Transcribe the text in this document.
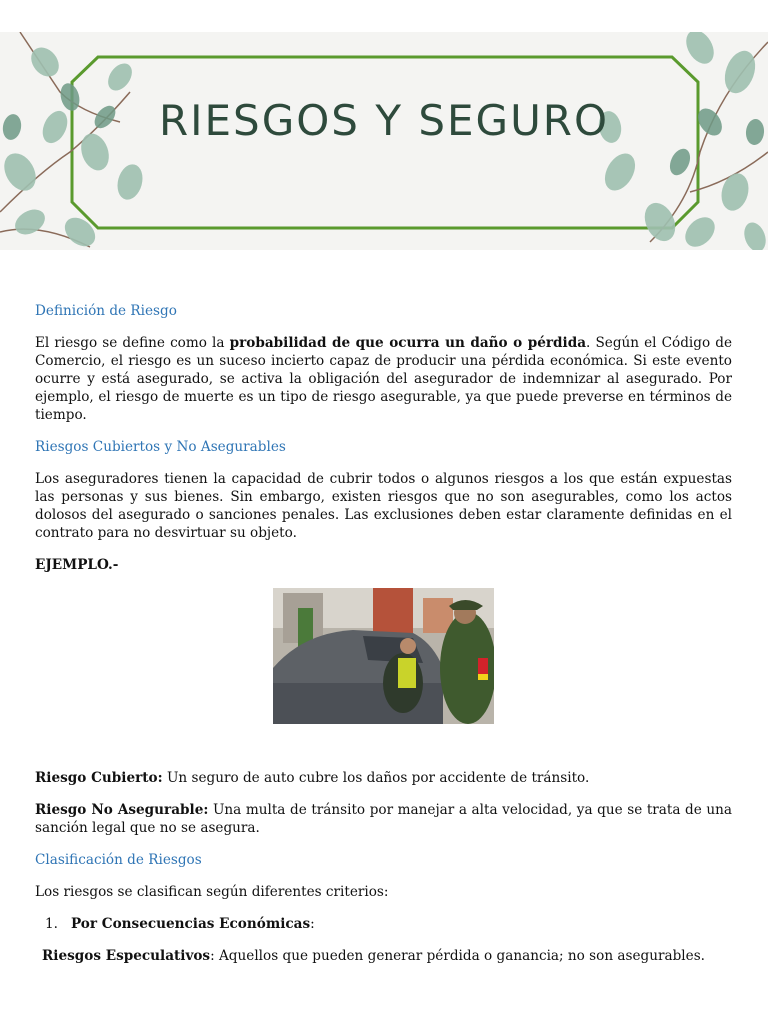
RIESGOS Y SEGURO
Definición de Riesgo

El riesgo se define como la probabilidad de que ocurra un daño o pérdida. Según el Código de Comercio, el riesgo es un suceso incierto capaz de producir una pérdida económica. Si este evento ocurre y está asegurado, se activa la obligación del asegurador de indemnizar al asegurado. Por ejemplo, el riesgo de muerte es un tipo de riesgo asegurable, ya que puede preverse en términos de tiempo.

Riesgos Cubiertos y No Asegurables

Los aseguradores tienen la capacidad de cubrir todos o algunos riesgos a los que están expuestas las personas y sus bienes. Sin embargo, existen riesgos que no son asegurables, como los actos dolosos del asegurado o sanciones penales. Las exclusiones deben estar claramente definidas en el contrato para no desvirtuar su objeto.

EJEMPLO.-

Riesgo Cubierto: Un seguro de auto cubre los daños por accidente de tránsito.

Riesgo No Asegurable: Una multa de tránsito por manejar a alta velocidad, ya que se trata de una sanción legal que no se asegura.

Clasificación de Riesgos

Los riesgos se clasifican según diferentes criterios:

1. Por Consecuencias Económicas:

Riesgos Especulativos: Aquellos que pueden generar pérdida o ganancia; no son asegurables.
